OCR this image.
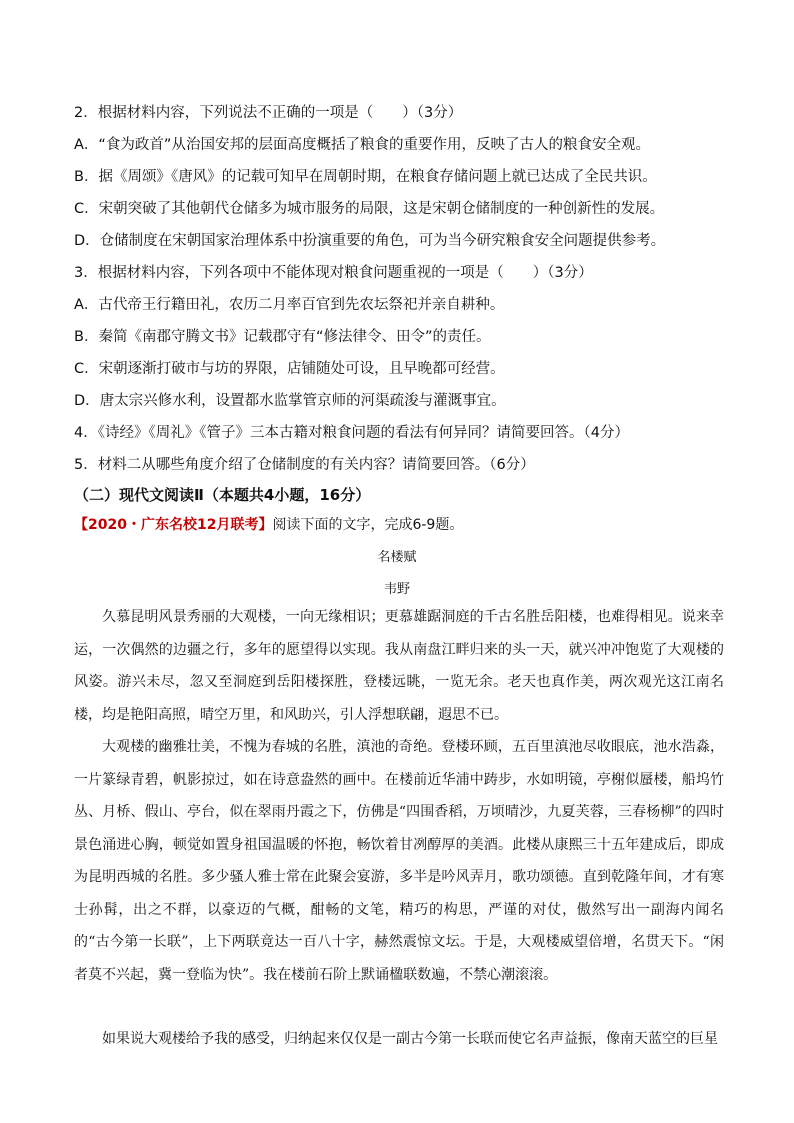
2．根据材料内容，下列说法不正确的一项是（　　）（3分）
A．“食为政首”从治国安邦的层面高度概括了粮食的重要作用，反映了古人的粮食安全观。
B．据《周颂》《唐风》的记载可知早在周朝时期，在粮食存储问题上就已达成了全民共识。
C．宋朝突破了其他朝代仓储多为城市服务的局限，这是宋朝仓储制度的一种创新性的发展。
D．仓储制度在宋朝国家治理体系中扮演重要的角色，可为当今研究粮食安全问题提供参考。
3．根据材料内容，下列各项中不能体现对粮食问题重视的一项是（　　）（3分）
A．古代帝王行籍田礼，农历二月率百官到先农坛祭祀并亲自耕种。
B．秦简《南郡守腾文书》记载郡守有“修法律令、田令”的责任。
C．宋朝逐渐打破市与坊的界限，店铺随处可设，且早晚都可经营。
D．唐太宗兴修水利，设置都水监掌管京师的河渠疏浚与灌溉事宜。
4．《诗经》《周礼》《管子》三本古籍对粮食问题的看法有何异同？请简要回答。（4分）
5．材料二从哪些角度介绍了仓储制度的有关内容？请简要回答。（6分）
（二）现代文阅读Ⅱ（本题共4小题，16分）
【2020・广东名校12月联考】阅读下面的文字，完成6-9题。
名楼赋
韦野

久慕昆明风景秀丽的大观楼，一向无缘相识；更慕雄踞洞庭的千古名胜岳阳楼，也难得相见。说来幸运，一次偶然的边疆之行，多年的愿望得以实现。我从南盘江畔归来的头一天，就兴冲冲饱览了大观楼的风姿。游兴未尽，忽又至洞庭到岳阳楼探胜，登楼远眺，一览无余。老天也真作美，两次观光这江南名楼，均是艳阳高照，晴空万里，和风助兴，引人浮想联翩，遐思不已。

大观楼的幽雅壮美，不愧为春城的名胜，滇池的奇绝。登楼环顾，五百里滇池尽收眼底，池水浩淼，一片篆绿青碧，帆影掠过，如在诗意盎然的画中。在楼前近华浦中踌步，水如明镜，亭榭似蜃楼，船坞竹丛、月桥、假山、亭台，似在翠雨丹霞之下，仿佛是“四围香稻，万顷晴沙，九夏芙蓉，三春杨柳”的四时景色涌进心胸，顿觉如置身祖国温暖的怀抱，畅饮着甘冽醇厚的美酒。此楼从康熙三十五年建成后，即成为昆明西城的名胜。多少骚人雅士常在此聚会宴游，多半是吟风弄月，歌功颂德。直到乾隆年间，才有寒士孙髯，出之不群，以豪迈的气概，酣畅的文笔，精巧的构思，严谨的对仗，傲然写出一副海内闻名的“古今第一长联”，上下两联竟达一百八十字，赫然震惊文坛。于是，大观楼威望倍增，名贯天下。“闲者莫不兴起，冀一登临为快”。我在楼前石阶上默诵楹联数遍，不禁心潮滚滚。

如果说大观楼给予我的感受，归纳起来仅仅是一副古今第一长联而使它名声益振，像南天蓝空的巨星
